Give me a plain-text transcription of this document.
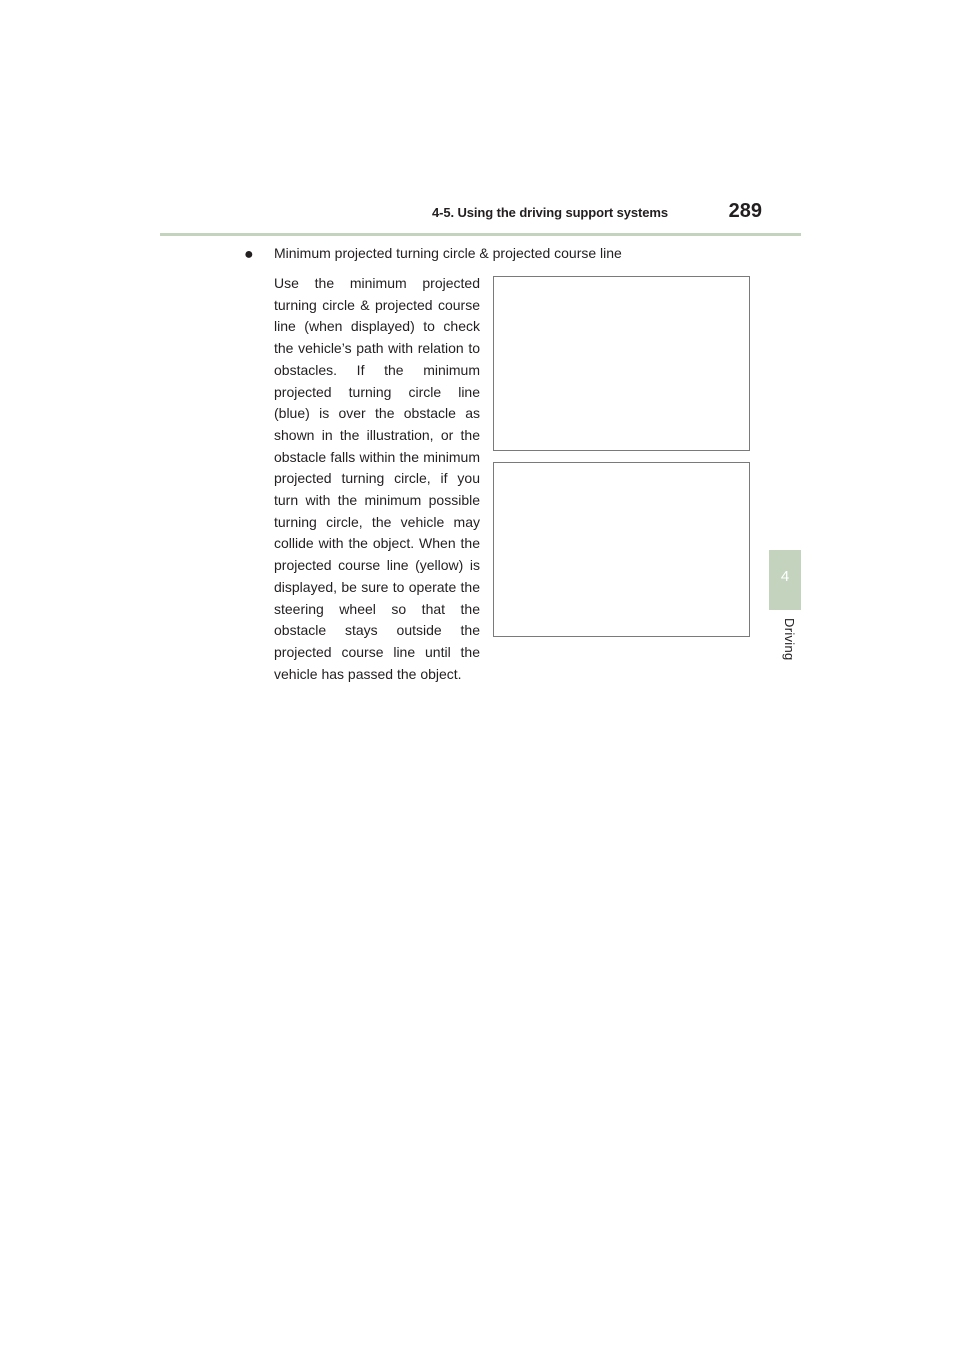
4-5. Using the driving support systems	289
4
Driving
● Minimum projected turning circle & projected course line
Use the minimum projected turning circle & projected course line (when displayed) to check the vehicle’s path with relation to obstacles. If the minimum projected turning circle line (blue) is over the obstacle as shown in the illustration, or the obstacle falls within the minimum projected turning circle, if you turn with the minimum possible turning circle, the vehicle may collide with the object. When the projected course line (yellow) is displayed, be sure to operate the steering wheel so that the obstacle stays outside the projected course line until the vehicle has passed the object.
